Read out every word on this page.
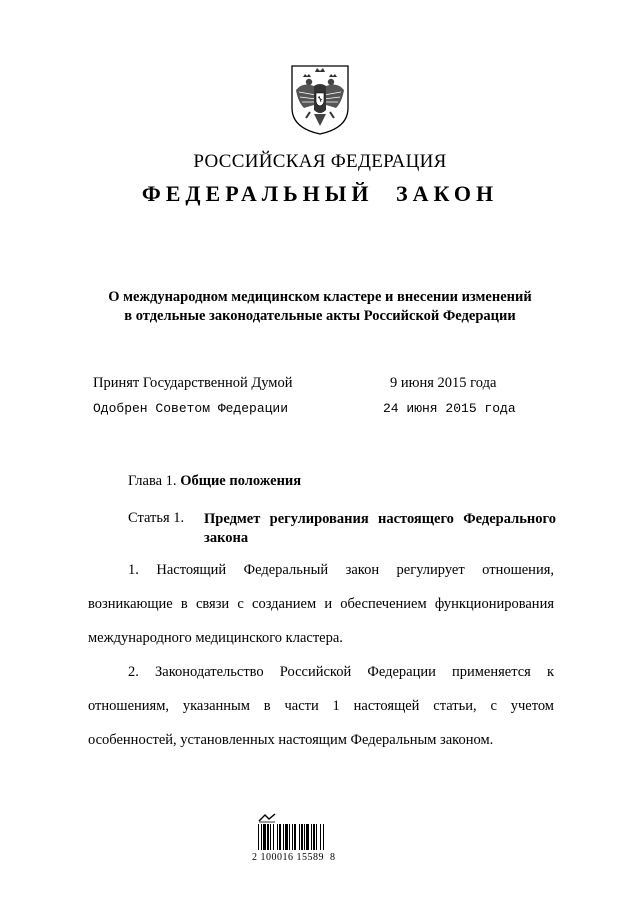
РОССИЙСКАЯ ФЕДЕРАЦИЯ
ФЕДЕРАЛЬНЫЙ ЗАКОН
О международном медицинском кластере и внесении изменений
в отдельные законодательные акты Российской Федерации
Принят Государственной Думой	9 июня 2015 года
Одобрен Советом Федерации	24 июня 2015 года
Глава 1. Общие положения
Статья 1. Предмет регулирования настоящего Федерального закона
1. Настоящий Федеральный закон регулирует отношения, возникающие в связи с созданием и обеспечением функционирования международного медицинского кластера.
2. Законодательство Российской Федерации применяется к отношениям, указанным в части 1 настоящей статьи, с учетом особенностей, установленных настоящим Федеральным законом.
2 100016 15589  8
